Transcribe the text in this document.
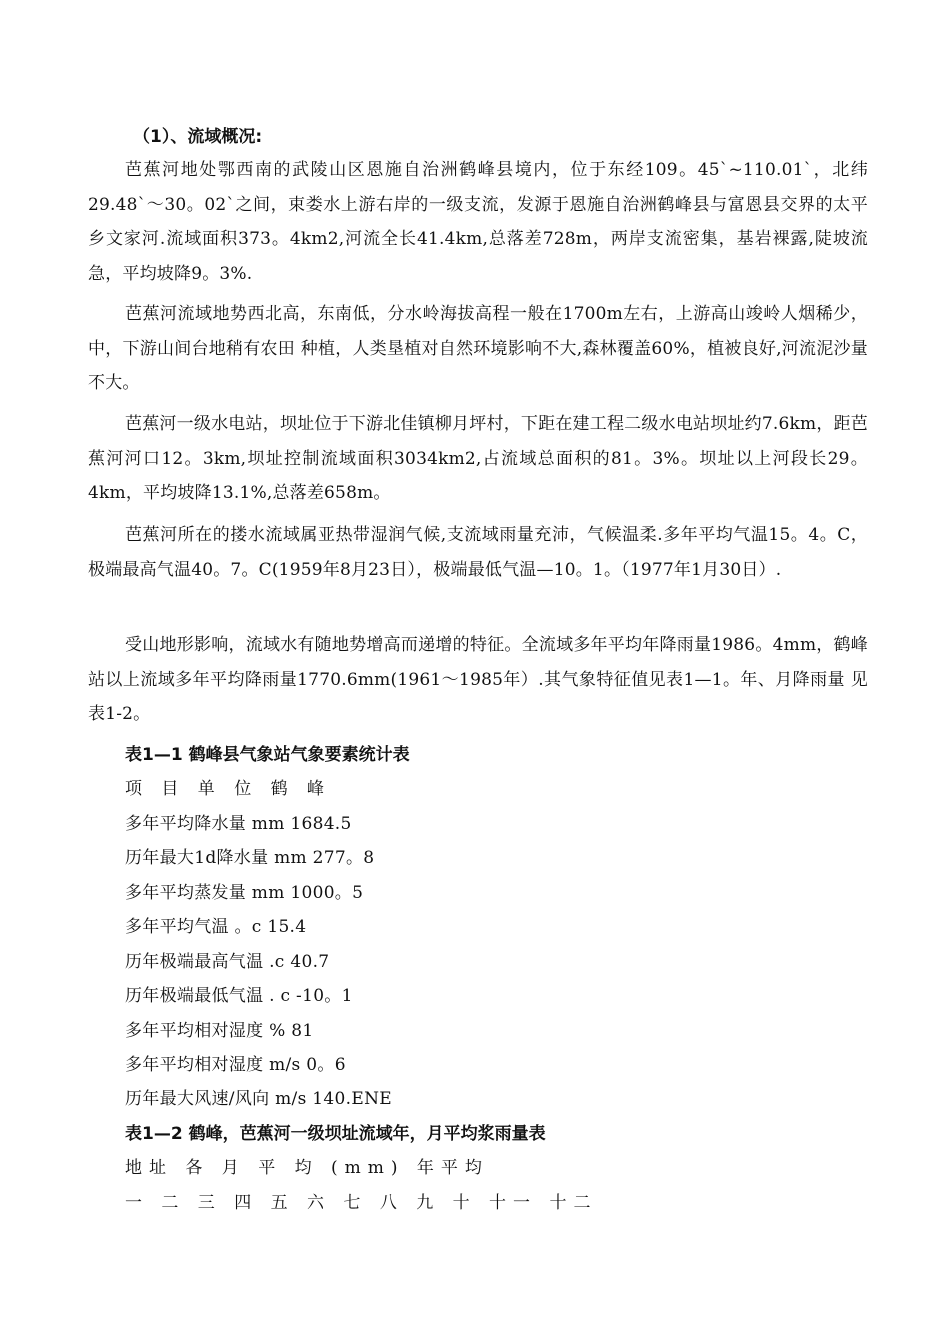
（1）、流域概况:

芭蕉河地处鄂西南的武陵山区恩施自治洲鹤峰县境内，位于东经109。45`~110.01`，北纬29.48`～30。02`之间，束娄水上游右岸的一级支流，发源于恩施自治洲鹤峰县与富恩县交界的太平乡文家河.流域面积373。4km2,河流全长41.4km,总落差728m，两岸支流密集，基岩裸露,陡坡流急，平均坡降9。3%.

芭蕉河流域地势西北高，东南低，分水岭海拔高程一般在1700m左右，上游高山竣岭人烟稀少，中，下游山间台地稍有农田 种植，人类垦植对自然环境影响不大,森林覆盖60%，植被良好,河流泥沙量不大。

芭蕉河一级水电站，坝址位于下游北佳镇柳月坪村，下距在建工程二级水电站坝址约7.6km，距芭蕉河河口12。3km,坝址控制流域面积3034km2,占流域总面积的81。3%。坝址以上河段长29。4km，平均坡降13.1%,总落差658m。

芭蕉河所在的搂水流域属亚热带湿润气候,支流域雨量充沛，气候温柔.多年平均气温15。4。C，极端最高气温40。7。C(1959年8月23日），极端最低气温—10。1。（1977年1月30日）.

受山地形影响，流域水有随地势增高而递增的特征。全流域多年平均年降雨量1986。4mm，鹤峰站以上流域多年平均降雨量1770.6mm(1961～1985年）.其气象特征值见表1—1。年、月降雨量 见表1-2。

表1—1 鹤峰县气象站气象要素统计表
项 目 单 位 鹤 峰
多年平均降水量 mm 1684.5
历年最大1d降水量 mm 277。8
多年平均蒸发量 mm 1000。5
多年平均气温 。c 15.4
历年极端最高气温 .c 40.7
历年极端最低气温 . c -10。1
多年平均相对湿度 % 81
多年平均相对湿度 m/s 0。6
历年最大风速/风向 m/s 140.ENE
表1—2 鹤峰，芭蕉河一级坝址流域年，月平均浆雨量表
地址 各 月 平 均 (mm) 年平均
一 二 三 四 五 六 七 八 九 十 十一 十二
